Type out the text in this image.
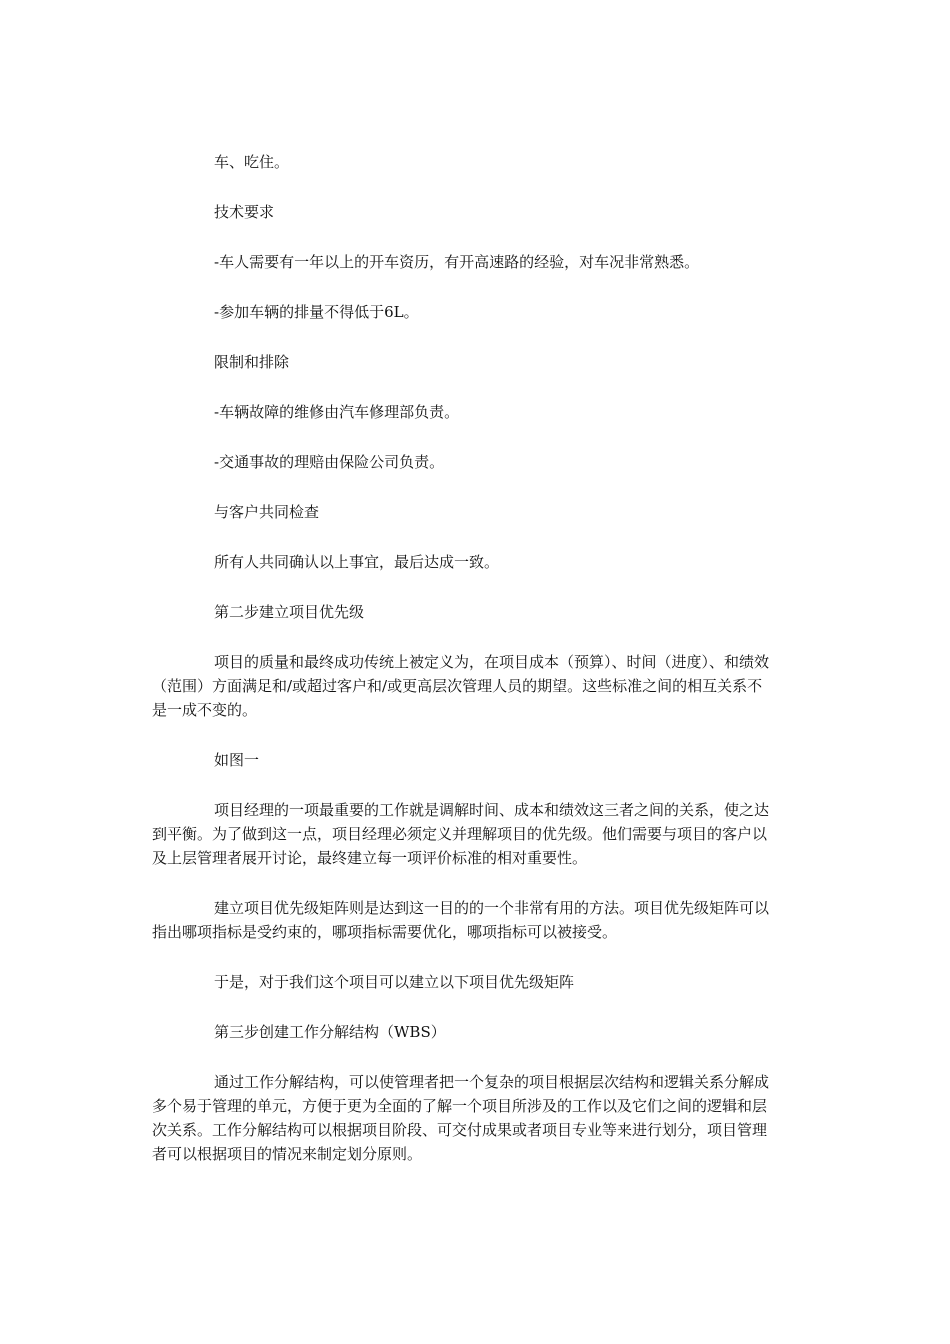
车、吃住。

技术要求

-车人需要有一年以上的开车资历，有开高速路的经验，对车况非常熟悉。

-参加车辆的排量不得低于6L。

限制和排除

-车辆故障的维修由汽车修理部负责。

-交通事故的理赔由保险公司负责。

与客户共同检查

所有人共同确认以上事宜，最后达成一致。

第二步建立项目优先级

项目的质量和最终成功传统上被定义为，在项目成本（预算）、时间（进度）、和绩效（范围）方面满足和/或超过客户和/或更高层次管理人员的期望。这些标准之间的相互关系不是一成不变的。

如图一

项目经理的一项最重要的工作就是调解时间、成本和绩效这三者之间的关系，使之达到平衡。为了做到这一点，项目经理必须定义并理解项目的优先级。他们需要与项目的客户以及上层管理者展开讨论，最终建立每一项评价标准的相对重要性。

建立项目优先级矩阵则是达到这一目的的一个非常有用的方法。项目优先级矩阵可以指出哪项指标是受约束的，哪项指标需要优化，哪项指标可以被接受。

于是，对于我们这个项目可以建立以下项目优先级矩阵

第三步创建工作分解结构（WBS）

通过工作分解结构，可以使管理者把一个复杂的项目根据层次结构和逻辑关系分解成多个易于管理的单元，方便于更为全面的了解一个项目所涉及的工作以及它们之间的逻辑和层次关系。工作分解结构可以根据项目阶段、可交付成果或者项目专业等来进行划分，项目管理者可以根据项目的情况来制定划分原则。
